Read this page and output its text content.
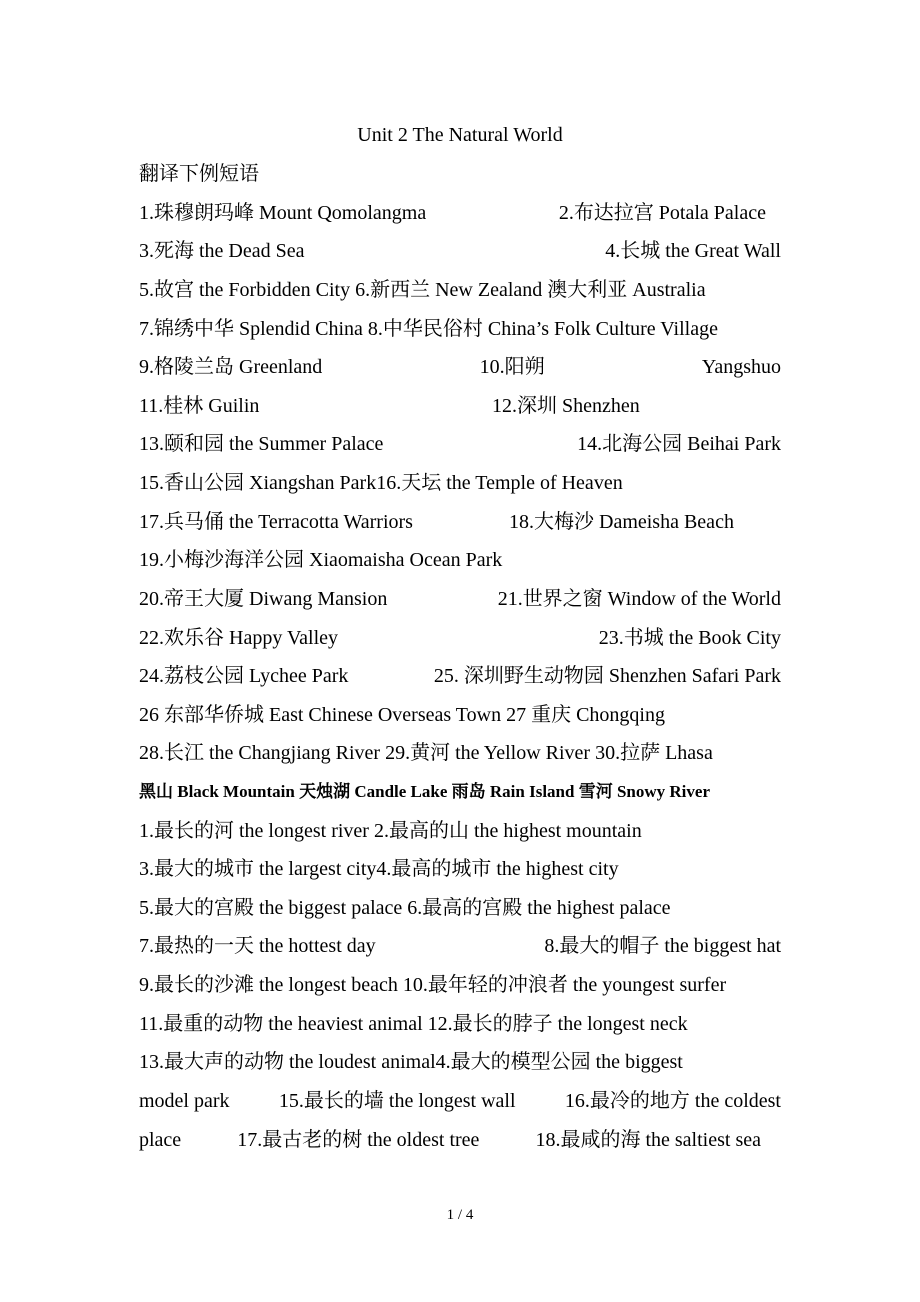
Unit 2 The Natural World
翻译下例短语
1.珠穆朗玛峰 Mount Qomolangma	2.布达拉宫 Potala Palace
3.死海 the Dead Sea	4.长城 the Great Wall
5.故宫 the Forbidden City 6.新西兰 New Zealand 澳大利亚 Australia
7.锦绣中华 Splendid China 8.中华民俗村 China’s Folk Culture Village
9.格陵兰岛 Greenland	10.阳朔	Yangshuo
11.桂林 Guilin	12.深圳 Shenzhen
13.颐和园 the Summer Palace	14.北海公园 Beihai Park
15.香山公园 Xiangshan Park16.天坛 the Temple of Heaven
17.兵马俑 the Terracotta Warriors	18.大梅沙 Dameisha Beach
19.小梅沙海洋公园 Xiaomaisha Ocean Park
20.帝王大厦 Diwang Mansion	21.世界之窗 Window of the World
22.欢乐谷 Happy Valley	23.书城 the Book City
24.荔枝公园 Lychee Park	25. 深圳野生动物园 Shenzhen Safari Park
26 东部华侨城 East Chinese Overseas Town 27 重庆 Chongqing
28.长江 the Changjiang River 29.黄河 the Yellow River 30.拉萨 Lhasa
黑山 Black Mountain 天烛湖 Candle Lake 雨岛 Rain Island 雪河 Snowy River
1.最长的河 the longest river 2.最高的山 the highest mountain
3.最大的城市 the largest city4.最高的城市 the highest city
5.最大的宫殿 the biggest palace 6.最高的宫殿 the highest palace
7.最热的一天 the hottest day	8.最大的帽子 the biggest hat
9.最长的沙滩 the longest beach 10.最年轻的冲浪者 the youngest surfer
11.最重的动物 the heaviest animal 12.最长的脖子 the longest neck
13.最大声的动物 the loudest animal4.最大的模型公园 the biggest
model park 15.最长的墙 the longest wall 16.最冷的地方 the coldest
place	17.最古老的树 the oldest tree	18.最咸的海 the saltiest sea
1 / 4
